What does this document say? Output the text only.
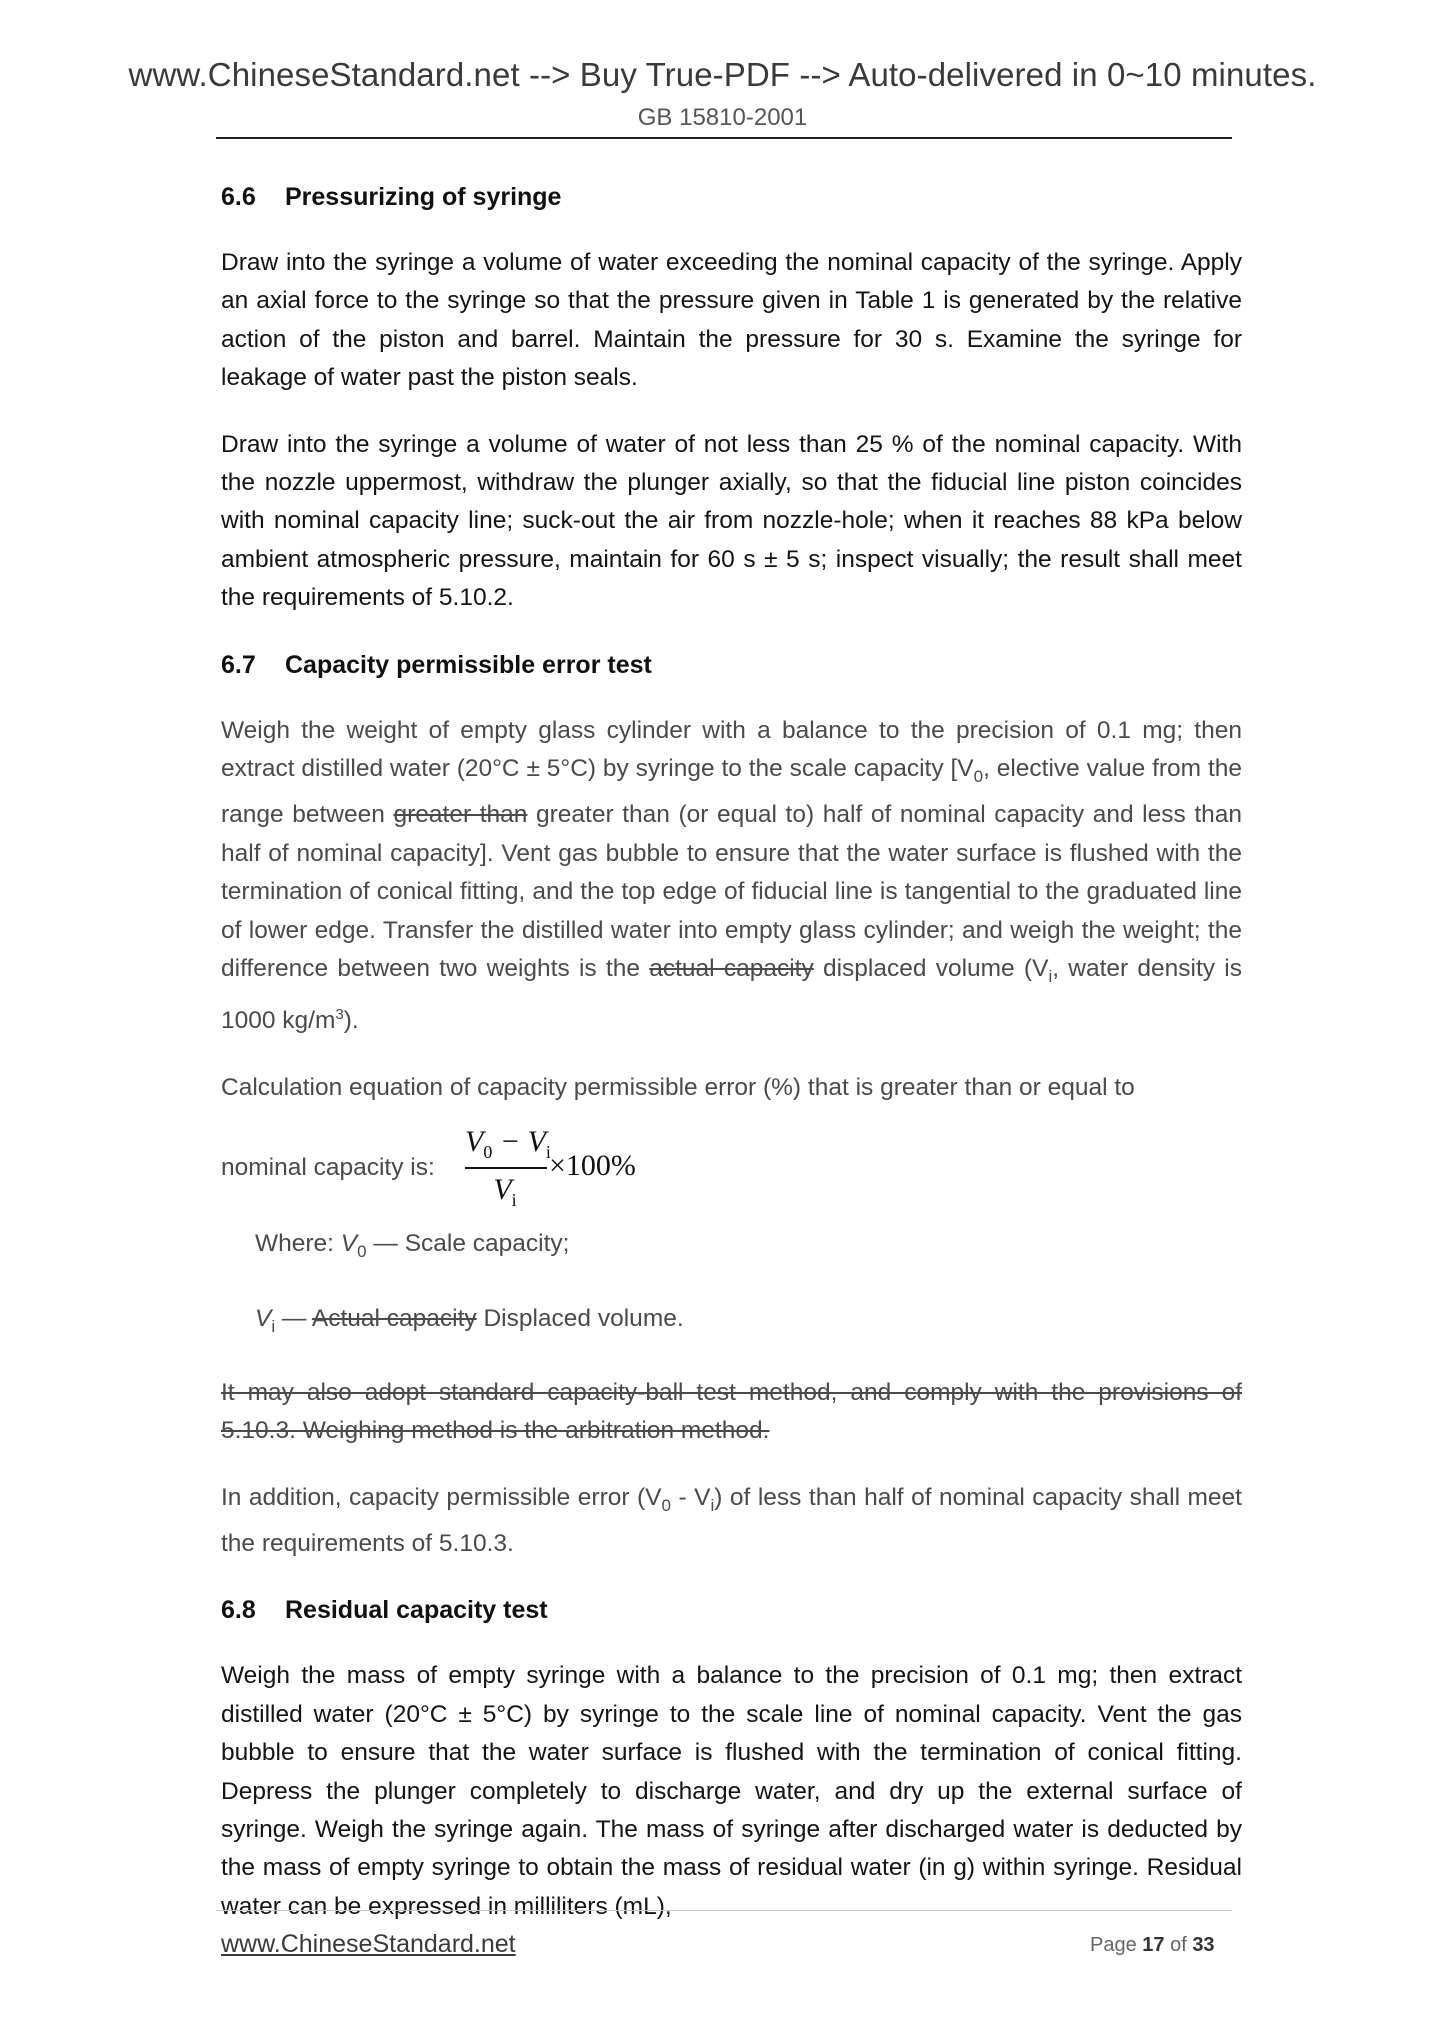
www.ChineseStandard.net --> Buy True-PDF --> Auto-delivered in 0~10 minutes.
GB 15810-2001
6.6 Pressurizing of syringe

Draw into the syringe a volume of water exceeding the nominal capacity of the syringe. Apply an axial force to the syringe so that the pressure given in Table 1 is generated by the relative action of the piston and barrel. Maintain the pressure for 30 s. Examine the syringe for leakage of water past the piston seals.

Draw into the syringe a volume of water of not less than 25 % of the nominal capacity. With the nozzle uppermost, withdraw the plunger axially, so that the fiducial line piston coincides with nominal capacity line; suck-out the air from nozzle-hole; when it reaches 88 kPa below ambient atmospheric pressure, maintain for 60 s ± 5 s; inspect visually; the result shall meet the requirements of 5.10.2.

6.7 Capacity permissible error test

Weigh the weight of empty glass cylinder with a balance to the precision of 0.1 mg; then extract distilled water (20°C ± 5°C) by syringe to the scale capacity [$V_0$, elective value from the range between greater than greater than (or equal to) half of nominal capacity and less than half of nominal capacity]. Vent gas bubble to ensure that the water surface is flushed with the termination of conical fitting, and the top edge of fiducial line is tangential to the graduated line of lower edge. Transfer the distilled water into empty glass cylinder; and weigh the weight; the difference between two weights is the actual capacity displaced volume ($V_i$, water density is 1000 $kg/m^3$).

Calculation equation of capacity permissible error (%) that is greater than or equal to

nominal capacity is:
$V_0 - V_i$
$V_i$
×100%

Where: $V_0$ — Scale capacity;

$V_i$ — Actual capacity Displaced volume.

It may also adopt standard capacity-ball test method, and comply with the provisions of 5.10.3. Weighing method is the arbitration method.

In addition, capacity permissible error $(V_0 - V_i)$ of less than half of nominal capacity shall meet the requirements of 5.10.3.

6.8 Residual capacity test

Weigh the mass of empty syringe with a balance to the precision of 0.1 mg; then extract distilled water (20°C ± 5°C) by syringe to the scale line of nominal capacity. Vent the gas bubble to ensure that the water surface is flushed with the termination of conical fitting. Depress the plunger completely to discharge water, and dry up the external surface of syringe. Weigh the syringe again. The mass of syringe after discharged water is deducted by the mass of empty syringe to obtain the mass of residual water (in g) within syringe. Residual water can be expressed in milliliters (mL),

www.ChineseStandard.net	Page 17 of 33
